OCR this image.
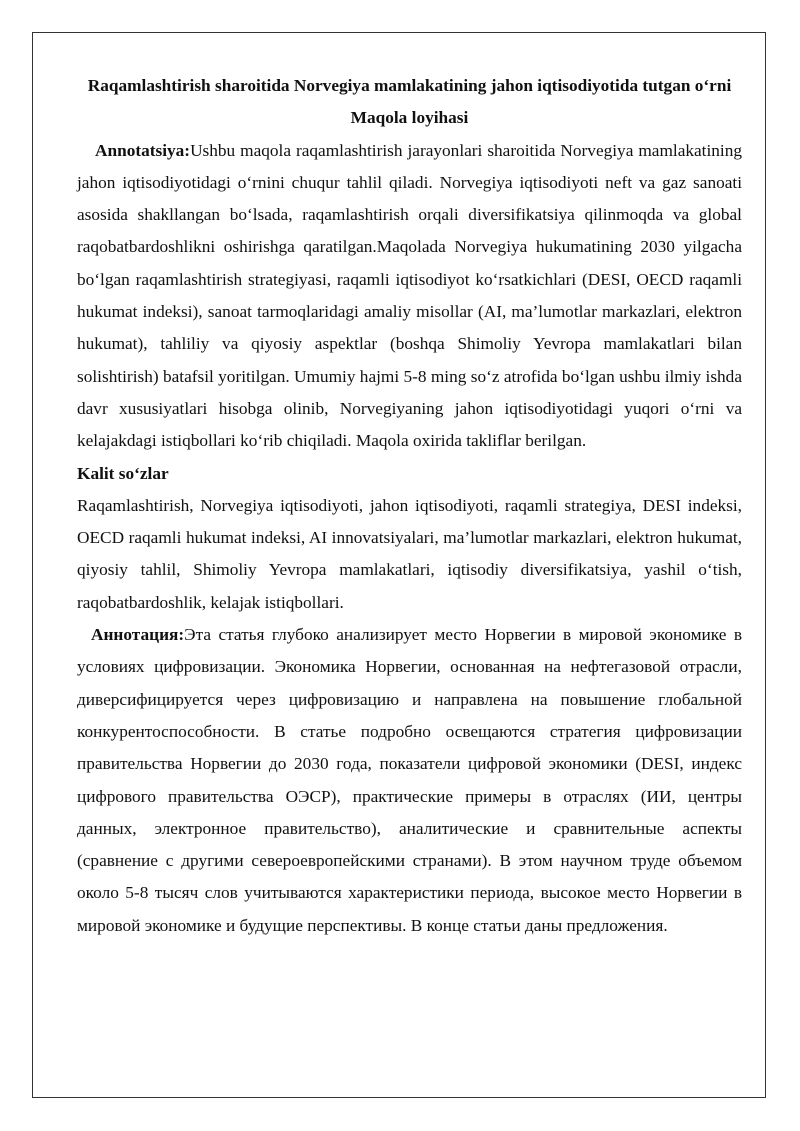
Raqamlashtirish sharoitida Norvegiya mamlakatining jahon iqtisodiyotida tutgan o‘rni

Maqola loyihasi

Annotatsiya:Ushbu maqola raqamlashtirish jarayonlari sharoitida Norvegiya mamlakatining jahon iqtisodiyotidagi o‘rnini chuqur tahlil qiladi. Norvegiya iqtisodiyoti neft va gaz sanoati asosida shakllangan bo‘lsada, raqamlashtirish orqali diversifikatsiya qilinmoqda va global raqobatbardoshlikni oshirishga qaratilgan.Maqolada Norvegiya hukumatining 2030 yilgacha bo‘lgan raqamlashtirish strategiyasi, raqamli iqtisodiyot ko‘rsatkichlari (DESI, OECD raqamli hukumat indeksi), sanoat tarmoqlaridagi amaliy misollar (AI, ma’lumotlar markazlari, elektron hukumat), tahliliy va qiyosiy aspektlar (boshqa Shimoliy Yevropa mamlakatlari bilan solishtirish) batafsil yoritilgan. Umumiy hajmi 5-8 ming so‘z atrofida bo‘lgan ushbu ilmiy ishda davr xususiyatlari hisobga olinib, Norvegiyaning jahon iqtisodiyotidagi yuqori o‘rni va kelajakdagi istiqbollari ko‘rib chiqiladi. Maqola oxirida takliflar berilgan.

Kalit so‘zlar

Raqamlashtirish, Norvegiya iqtisodiyoti, jahon iqtisodiyoti, raqamli strategiya, DESI indeksi, OECD raqamli hukumat indeksi, AI innovatsiyalari, ma’lumotlar markazlari, elektron hukumat, qiyosiy tahlil, Shimoliy Yevropa mamlakatlari, iqtisodiy diversifikatsiya, yashil o‘tish, raqobatbardoshlik, kelajak istiqbollari.

Аннотация:Эта статья глубоко анализирует место Норвегии в мировой экономике в условиях цифровизации. Экономика Норвегии, основанная на нефтегазовой отрасли, диверсифицируется через цифровизацию и направлена на повышение глобальной конкурентоспособности. В статье подробно освещаются стратегия цифровизации правительства Норвегии до 2030 года, показатели цифровой экономики (DESI, индекс цифрового правительства ОЭСР), практические примеры в отраслях (ИИ, центры данных, электронное правительство), аналитические и сравнительные аспекты (сравнение с другими североевропейскими странами). В этом научном труде объемом около 5-8 тысяч слов учитываются характеристики периода, высокое место Норвегии в мировой экономике и будущие перспективы. В конце статьи даны предложения.
